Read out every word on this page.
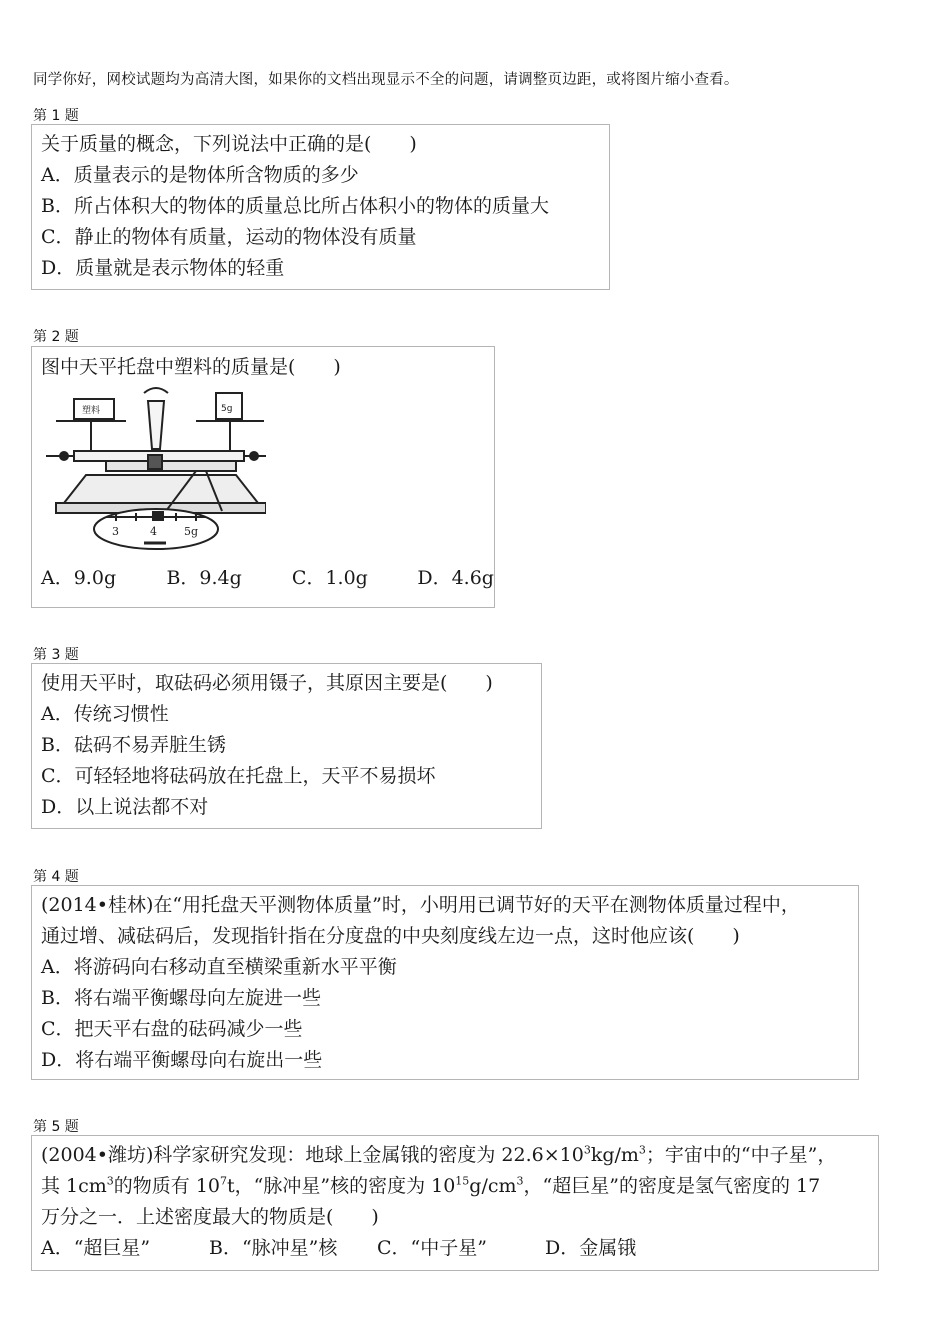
同学你好，网校试题均为高清大图，如果你的文档出现显示不全的问题，请调整页边距，或将图片缩小查看。
第 1 题
关于质量的概念，下列说法中正确的是(　　)
A．质量表示的是物体所含物质的多少
B．所占体积大的物体的质量总比所占体积小的物体的质量大
C．静止的物体有质量，运动的物体没有质量
D．质量就是表示物体的轻重
第 2 题
图中天平托盘中塑料的质量是(　　)
塑料	5g
3	4 5g
A．9.0g	B．9.4g	C．1.0g	D．4.6g
第 3 题
使用天平时，取砝码必须用镊子，其原因主要是(　　)
A．传统习惯性
B．砝码不易弄脏生锈
C．可轻轻地将砝码放在托盘上，天平不易损坏
D．以上说法都不对
第 4 题
(2014•桂林)在“用托盘天平测物体质量”时，小明用已调节好的天平在测物体质量过程中，
通过增、减砝码后，发现指针指在分度盘的中央刻度线左边一点，这时他应该(　　)
A．将游码向右移动直至横梁重新水平平衡
B．将右端平衡螺母向左旋进一些
C．把天平右盘的砝码减少一些
D．将右端平衡螺母向右旋出一些
第 5 题
(2004•潍坊)科学家研究发现：地球上金属锇的密度为 $22.6\times 10^3kg/m^3$；宇宙中的“中子星”，
其 $1cm^3$的物质有 $10^7t$，“脉冲星”核的密度为 $10^{15}g/cm^3$，“超巨星”的密度是氢气密度的 17
万分之一．上述密度最大的物质是(　　)
A．“超巨星”	B．“脉冲星”核	C．“中子星”	D．金属锇
